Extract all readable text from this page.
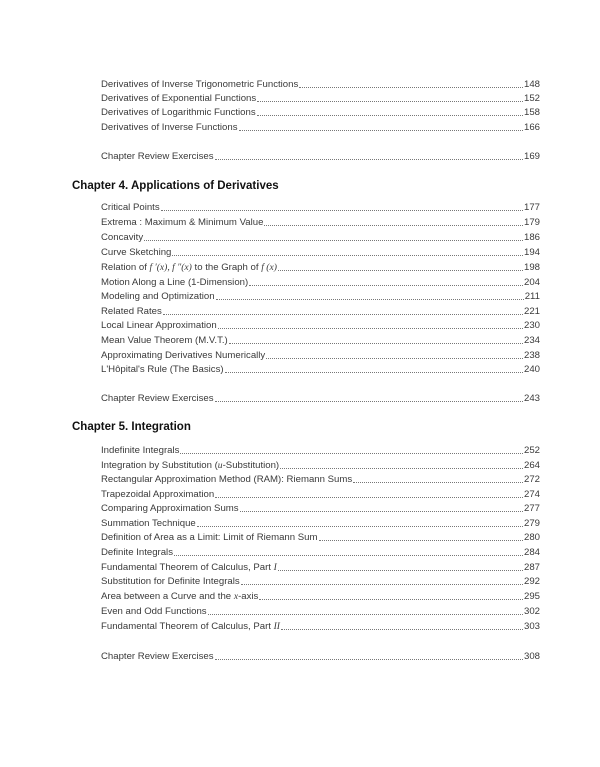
Derivatives of Inverse Trigonometric Functions	148
Derivatives of Exponential Functions	152
Derivatives of Logarithmic Functions	158
Derivatives of Inverse Functions	166
Chapter Review Exercises	169
Chapter 4. Applications of Derivatives
Critical Points	177
Extrema : Maximum & Minimum Value	179
Concavity	186
Curve Sketching	194
Relation of f ′(x), f ″(x) to the Graph of f (x)	198
Motion Along a Line (1-Dimension)	204
Modeling and Optimization	211
Related Rates	221
Local Linear Approximation	230
Mean Value Theorem (M.V.T.)	234
Approximating Derivatives Numerically	238
L'Hôpital's Rule (The Basics)	240
Chapter Review Exercises	243
Chapter 5. Integration
Indefinite Integrals	252
Integration by Substitution (u-Substitution)	264
Rectangular Approximation Method (RAM): Riemann Sums	272
Trapezoidal Approximation	274
Comparing Approximation Sums	277
Summation Technique	279
Definition of Area as a Limit: Limit of Riemann Sum	280
Definite Integrals	284
Fundamental Theorem of Calculus, Part I	287
Substitution for Definite Integrals	292
Area between a Curve and the x-axis	295
Even and Odd Functions	302
Fundamental Theorem of Calculus, Part II	303
Chapter Review Exercises	308
